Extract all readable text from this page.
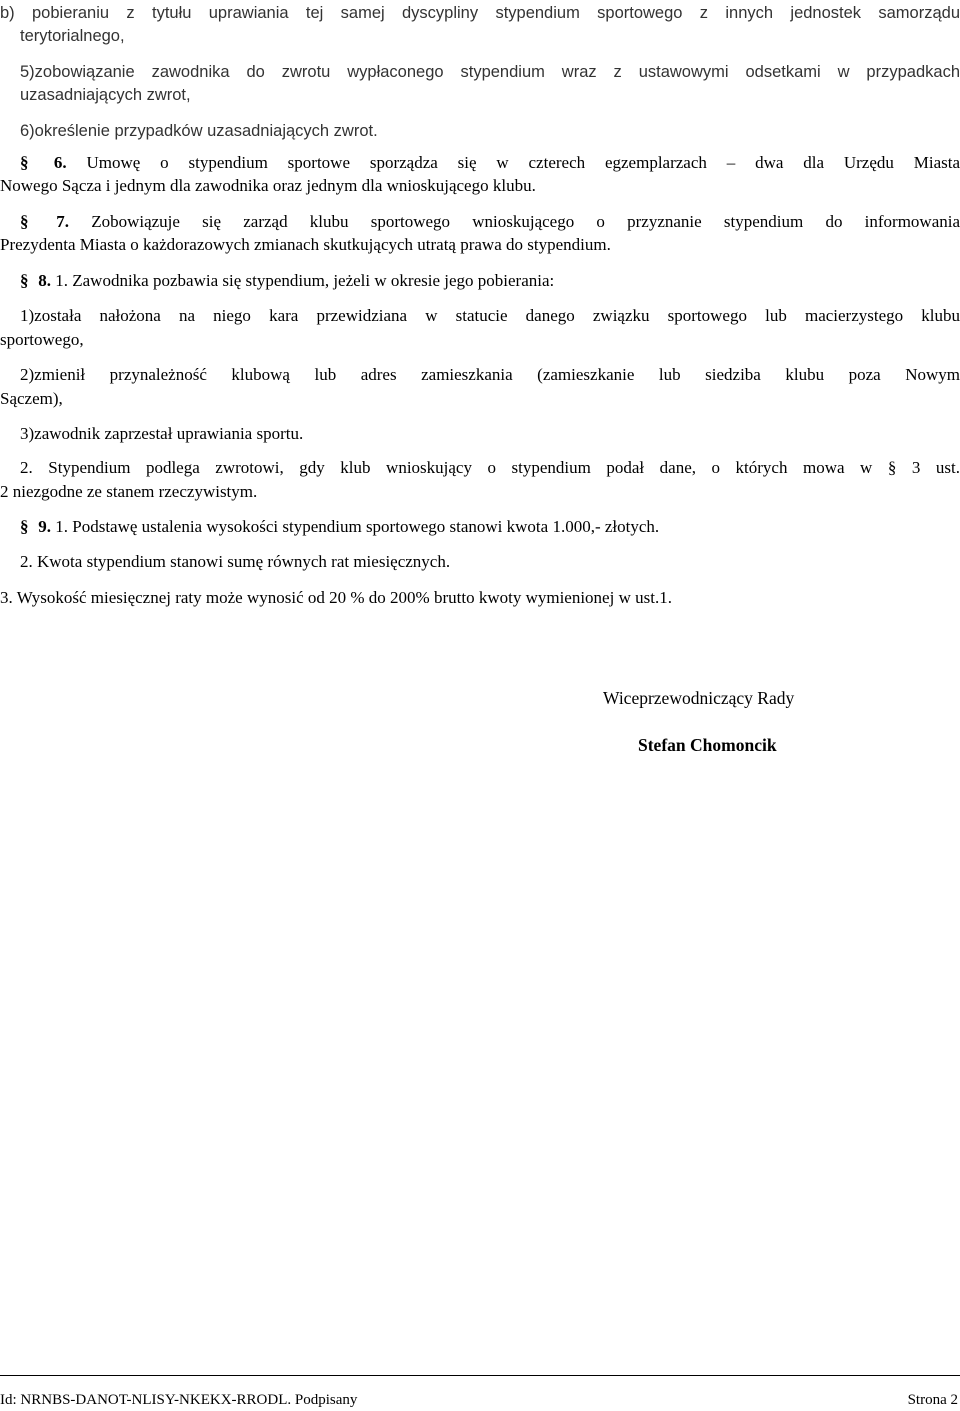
b) pobieraniu z tytułu uprawiania tej samej dyscypliny stypendium sportowego z innych jednostek samorządu
terytorialnego,
5)zobowiązanie zawodnika do zwrotu wypłaconego stypendium wraz z ustawowymi odsetkami w przypadkach
uzasadniających zwrot,
6)określenie przypadków uzasadniających zwrot.
§ 6. Umowę o stypendium sportowe sporządza się w czterech egzemplarzach – dwa dla Urzędu Miasta
Nowego Sącza i jednym dla zawodnika oraz jednym dla wnioskującego klubu.
§ 7. Zobowiązuje się zarząd klubu sportowego wnioskującego o przyznanie stypendium do informowania
Prezydenta Miasta o każdorazowych zmianach skutkujących utratą prawa do stypendium.
§ 8. 1. Zawodnika pozbawia się stypendium, jeżeli w okresie jego pobierania:
1)została nałożona na niego kara przewidziana w statucie danego związku sportowego lub macierzystego klubu
sportowego,
2)zmienił przynależność klubową lub adres zamieszkania (zamieszkanie lub siedziba klubu poza Nowym
Sączem),
3)zawodnik zaprzestał uprawiania sportu.
2. Stypendium podlega zwrotowi, gdy klub wnioskujący o stypendium podał dane, o których mowa w § 3 ust.
2 niezgodne ze stanem rzeczywistym.
§ 9. 1. Podstawę ustalenia wysokości stypendium sportowego stanowi kwota 1.000,- złotych.
2. Kwota stypendium stanowi sumę równych rat miesięcznych.
3. Wysokość miesięcznej raty może wynosić od 20 % do 200% brutto kwoty wymienionej w ust.1.
Wiceprzewodniczący Rady
Stefan Chomoncik
Id: NRNBS-DANOT-NLISY-NKEKX-RRODL. Podpisany	Strona 2
